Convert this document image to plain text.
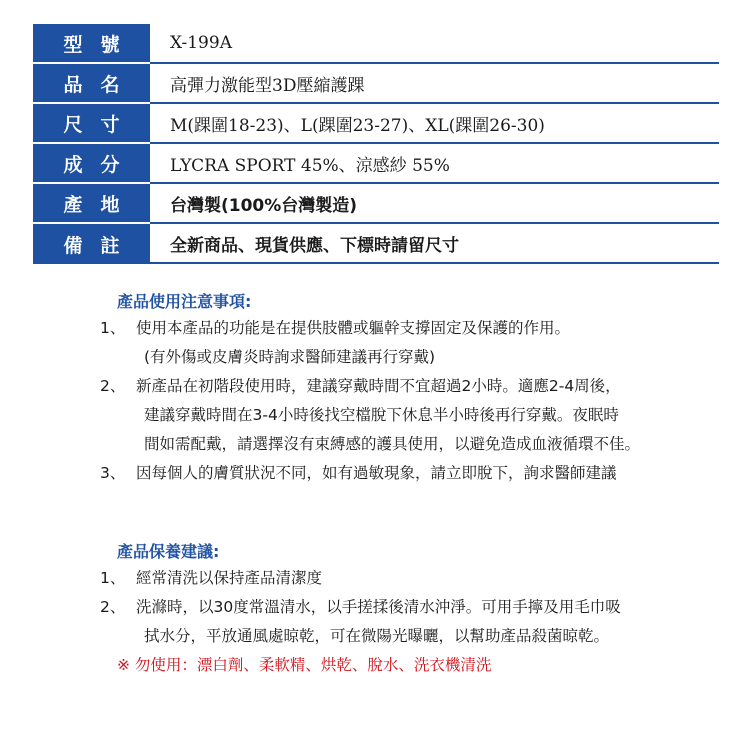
型號	X-199A
品名	高彈力激能型3D壓縮護踝
尺寸	M(踝圍18-23)、L(踝圍23-27)、XL(踝圍26-30)
成分	LYCRA SPORT 45%、涼感紗 55%
產地	台灣製(100%台灣製造)
備註	全新商品、現貨供應、下標時請留尺寸
產品使用注意事項:
1、 使用本產品的功能是在提供肢體或軀幹支撐固定及保護的作用。
(有外傷或皮膚炎時詢求醫師建議再行穿戴)
2、 新產品在初階段使用時，建議穿戴時間不宜超過2小時。適應2-4周後，
建議穿戴時間在3-4小時後找空檔脫下休息半小時後再行穿戴。夜眠時
間如需配戴，請選擇沒有束縛感的護具使用，以避免造成血液循環不佳。
3、 因每個人的膚質狀況不同，如有過敏現象，請立即脫下，詢求醫師建議
產品保養建議:
1、 經常清洗以保持產品清潔度
2、 洗滌時，以30度常溫清水，以手搓揉後清水沖淨。可用手擰及用毛巾吸
拭水分，平放通風處晾乾，可在微陽光曝曬，以幫助產品殺菌晾乾。
※ 勿使用：漂白劑、柔軟精、烘乾、脫水、洗衣機清洗
